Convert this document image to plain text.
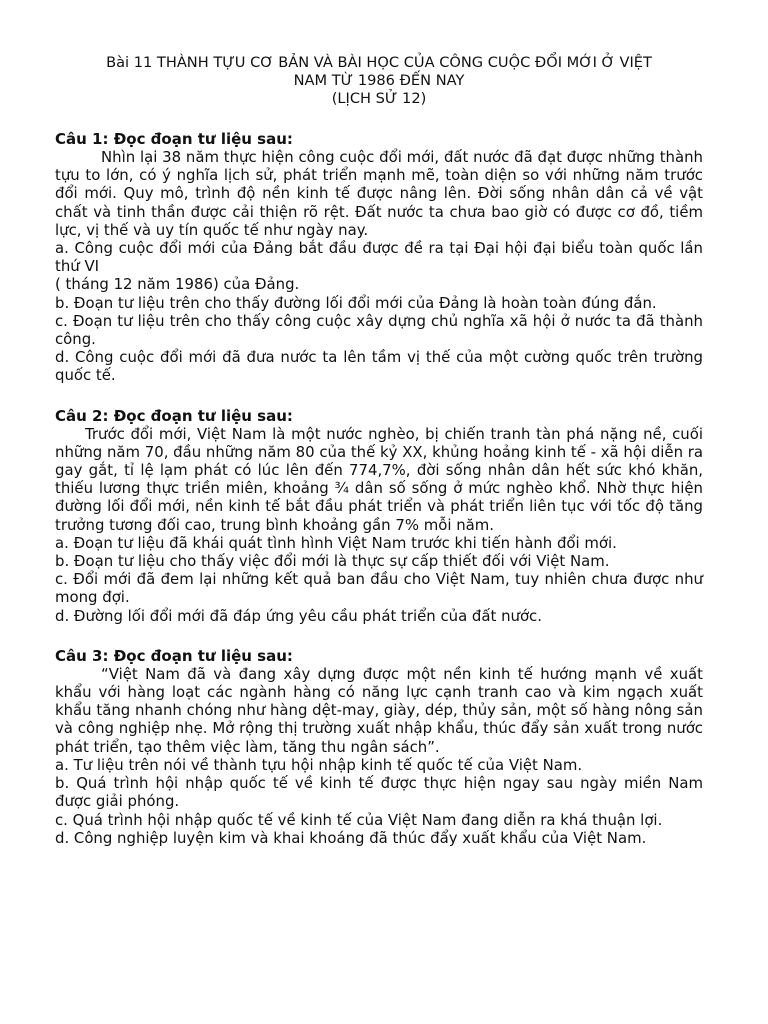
Bài 11 THÀNH TỰU CƠ BẢN VÀ BÀI HỌC CỦA CÔNG CUỘC ĐỔI MỚI Ở VIỆT
NAM TỪ 1986 ĐẾN NAY
(LỊCH SỬ 12)

Câu 1: Đọc đoạn tư liệu sau:

Nhìn lại 38 năm thực hiện công cuộc đổi mới, đất nước đã đạt được những thành tựu to lớn, có ý nghĩa lịch sử, phát triển mạnh mẽ, toàn diện so với những năm trước đổi mới. Quy mô, trình độ nền kinh tế được nâng lên. Đời sống nhân dân cả về vật chất và tinh thần được cải thiện rõ rệt. Đất nước ta chưa bao giờ có được cơ đồ, tiềm lực, vị thế và uy tín quốc tế như ngày nay.

a. Công cuộc đổi mới của Đảng bắt đầu được đề ra tại Đại hội đại biểu toàn quốc lần thứ VI

( tháng 12 năm 1986) của Đảng.

b. Đoạn tư liệu trên cho thấy đường lối đổi mới của Đảng là hoàn toàn đúng đắn.

c. Đoạn tư liệu trên cho thấy công cuộc xây dựng chủ nghĩa xã hội ở nước ta đã thành công.

d. Công cuộc đổi mới đã đưa nước ta lên tầm vị thế của một cường quốc trên trường quốc tế.

Câu 2: Đọc đoạn tư liệu sau:

Trước đổi mới, Việt Nam là một nước nghèo, bị chiến tranh tàn phá nặng nề, cuối những năm 70, đầu những năm 80 của thế kỷ XX, khủng hoảng kinh tế - xã hội diễn ra gay gắt, tỉ lệ lạm phát có lúc lên đến 774,7%, đời sống nhân dân hết sức khó khăn, thiếu lương thực triền miên, khoảng ¾ dân số sống ở mức nghèo khổ. Nhờ thực hiện đường lối đổi mới, nền kinh tế bắt đầu phát triển và phát triển liên tục với tốc độ tăng trưởng tương đối cao, trung bình khoảng gần 7% mỗi năm.

a. Đoạn tư liệu đã khái quát tình hình Việt Nam trước khi tiến hành đổi mới.

b. Đoạn tư liệu cho thấy việc đổi mới là thực sự cấp thiết đối với Việt Nam.

c. Đổi mới đã đem lại những kết quả ban đầu cho Việt Nam, tuy nhiên chưa được như mong đợi.

d. Đường lối đổi mới đã đáp ứng yêu cầu phát triển của đất nước.

Câu 3: Đọc đoạn tư liệu sau:

“Việt Nam đã và đang xây dựng được một nền kinh tế hướng mạnh về xuất khẩu với hàng loạt các ngành hàng có năng lực cạnh tranh cao và kim ngạch xuất khẩu tăng nhanh chóng như hàng dệt-may, giày, dép, thủy sản, một số hàng nông sản và công nghiệp nhẹ. Mở rộng thị trường xuất nhập khẩu, thúc đẩy sản xuất trong nước phát triển, tạo thêm việc làm, tăng thu ngân sách”.

a. Tư liệu trên nói về thành tựu hội nhập kinh tế quốc tế của Việt Nam.

b. Quá trình hội nhập quốc tế về kinh tế được thực hiện ngay sau ngày miền Nam được giải phóng.

c. Quá trình hội nhập quốc tế về kinh tế của Việt Nam đang diễn ra khá thuận lợi.

d. Công nghiệp luyện kim và khai khoáng đã thúc đẩy xuất khẩu của Việt Nam.
